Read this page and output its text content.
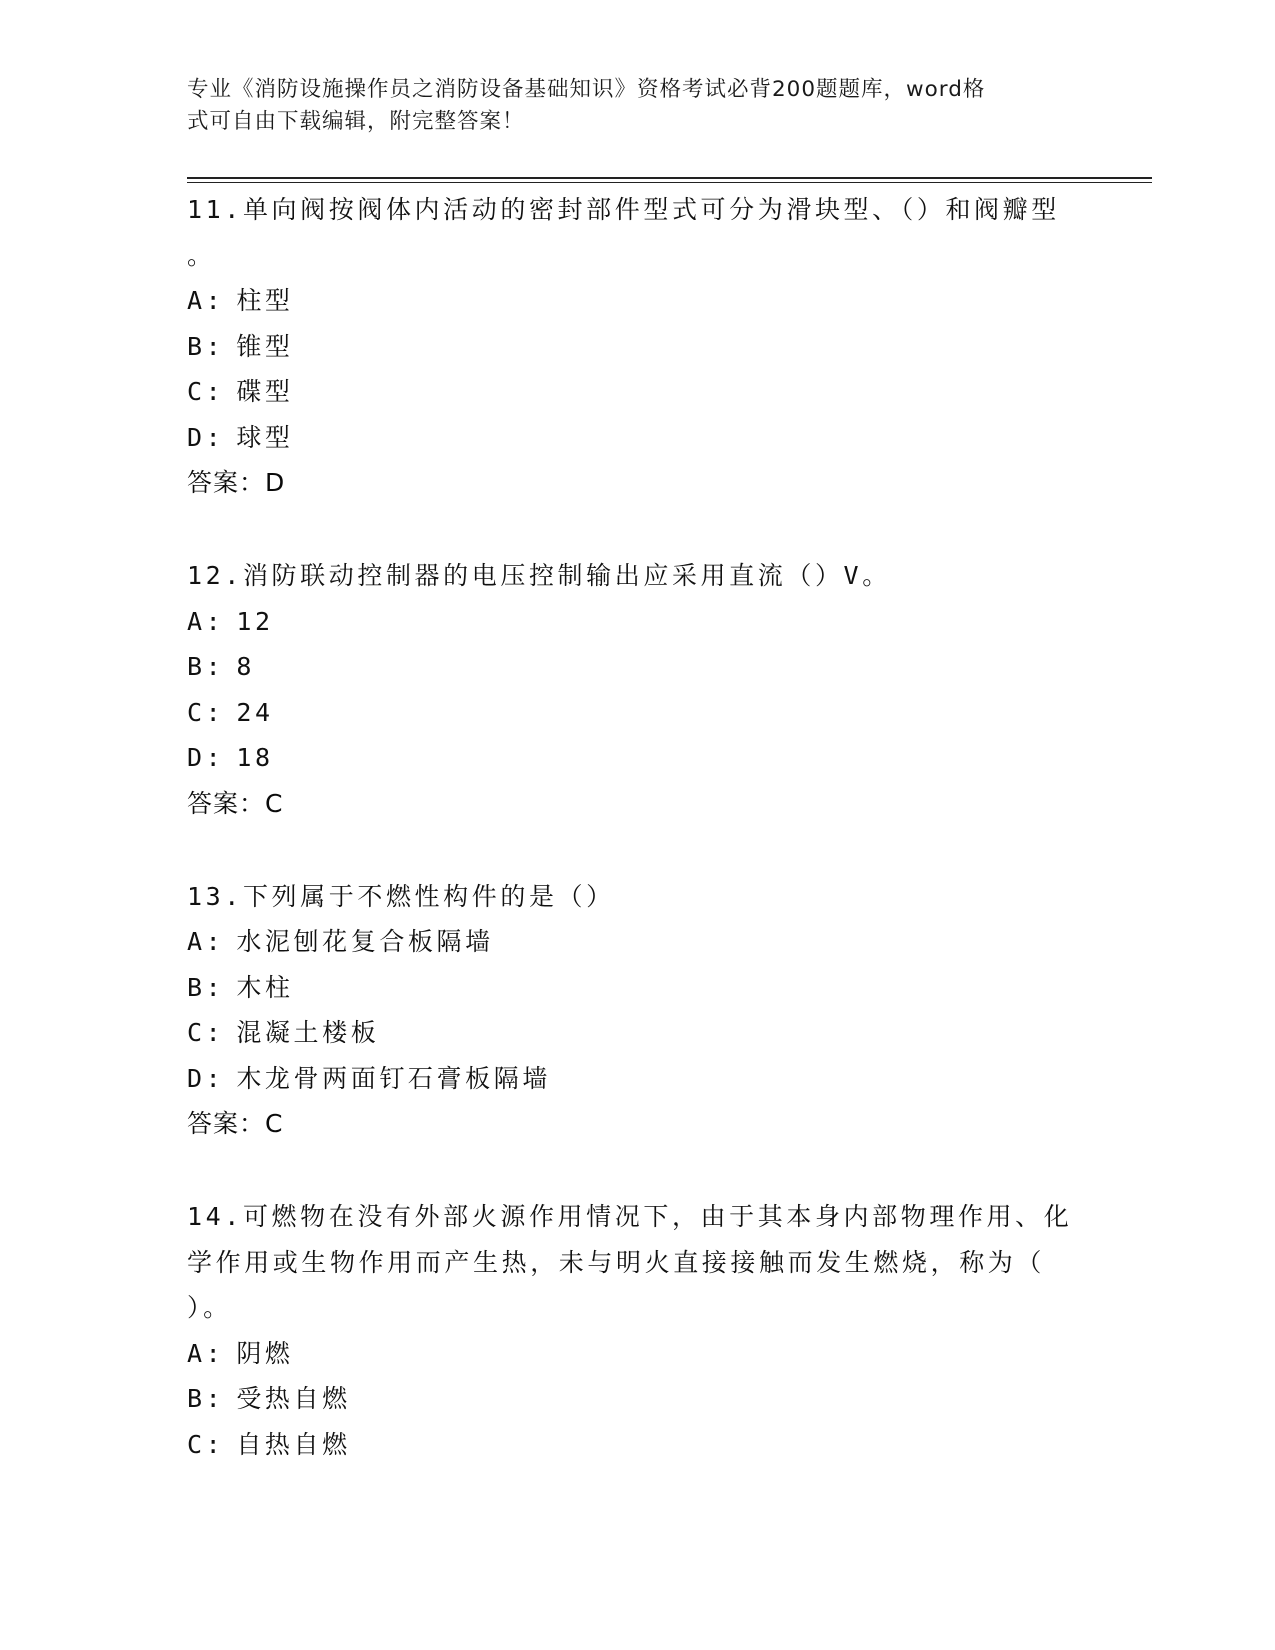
专业《消防设施操作员之消防设备基础知识》资格考试必背200题题库，word格
式可自由下载编辑，附完整答案！
11.单向阀按阀体内活动的密封部件型式可分为滑块型、（）和阀瓣型
。
A: 柱型
B: 锥型
C: 碟型
D: 球型
答案：D
12.消防联动控制器的电压控制输出应采用直流（）V。
A: 12
B: 8
C: 24
D: 18
答案：C
13.下列属于不燃性构件的是（）
A: 水泥刨花复合板隔墙
B: 木柱
C: 混凝土楼板
D: 木龙骨两面钉石膏板隔墙
答案：C
14.可燃物在没有外部火源作用情况下，由于其本身内部物理作用、化
学作用或生物作用而产生热，未与明火直接接触而发生燃烧，称为（
）。
A: 阴燃
B: 受热自燃
C: 自热自燃
